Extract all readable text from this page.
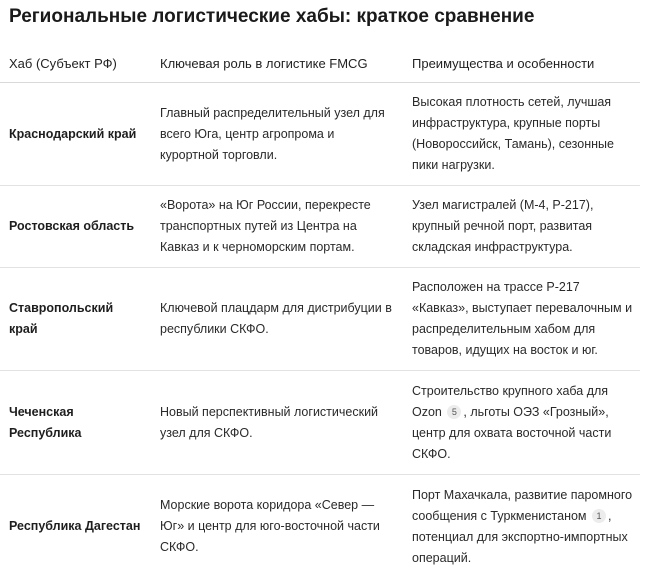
Региональные логистические хабы: краткое сравнение
Хаб (Субъект РФ)	Ключевая роль в логистике FMCG	Преимущества и особенности
Краснодарский край	Главный распределительный узел для всего Юга, центр агропрома и курортной торговли.	Высокая плотность сетей, лучшая инфраструктура, крупные порты (Новороссийск, Тамань), сезонные пики нагрузки.
Ростовская область	«Ворота» на Юг России, перекресте транспортных путей из Центра на Кавказ и к черноморским портам.	Узел магистралей (М-4, Р-217), крупный речной порт, развитая складская инфраструктура.
Ставропольский край	Ключевой плацдарм для дистрибуции в республики СКФО.	Расположен на трассе Р-217 «Кавказ», выступает перевалочным и распределительным хабом для товаров, идущих на восток и юг.
Чеченская Республика	Новый перспективный логистический узел для СКФО.	Строительство крупного хаба для Ozon 5 , льготы ОЭЗ «Грозный», центр для охвата восточной части СКФО.
Республика Дагестан	Морские ворота коридора «Север — Юг» и центр для юго-восточной части СКФО.	Порт Махачкала, развитие паромного сообщения с Туркменистаном 1 , потенциал для экспортно-импортных операций.
